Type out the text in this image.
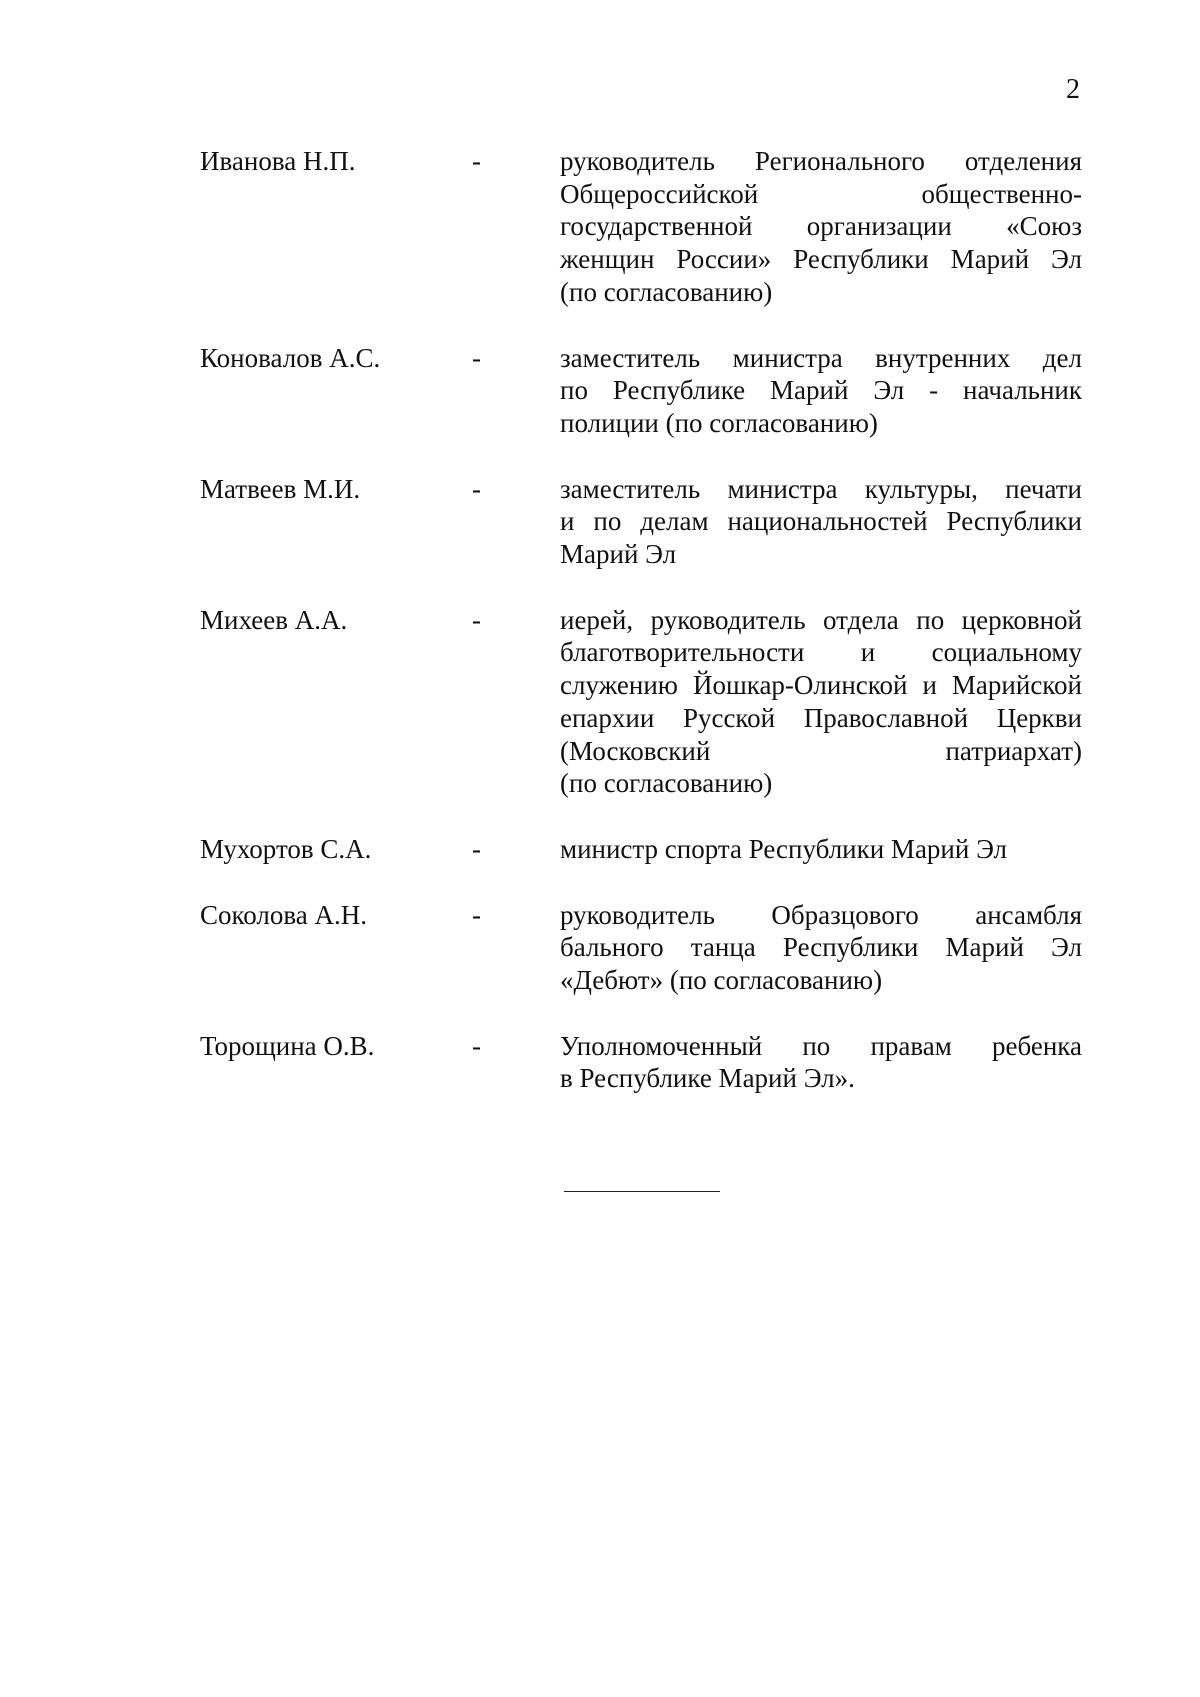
2
Иванова Н.П.	-	руководитель Регионального отделения
Общероссийской общественно-
государственной организации «Союз
женщин России» Республики Марий Эл
(по согласованию)
Коновалов А.С.	-	заместитель министра внутренних дел
по Республике Марий Эл - начальник
полиции (по согласованию)
Матвеев М.И.	-	заместитель министра культуры, печати
и по делам национальностей Республики
Марий Эл
Михеев А.А.	-	иерей, руководитель отдела по церковной
благотворительности и социальному
служению Йошкар-Олинской и Марийской
епархии Русской Православной Церкви
(Московский патриархат)
(по согласованию)
Мухортов С.А.	-	министр спорта Республики Марий Эл
Соколова А.Н.	-	руководитель Образцового ансамбля
бального танца Республики Марий Эл
«Дебют» (по согласованию)
Торощина О.В.	-	Уполномоченный по правам ребенка
в Республике Марий Эл».
